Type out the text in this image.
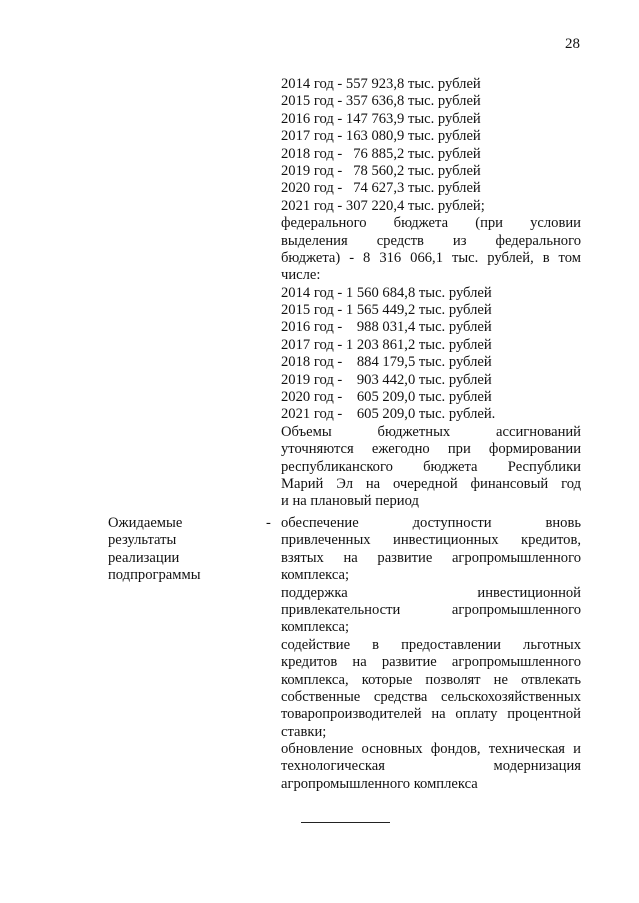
28
2014 год - 557 923,8 тыс. рублей
2015 год - 357 636,8 тыс. рублей
2016 год - 147 763,9 тыс. рублей
2017 год - 163 080,9 тыс. рублей
2018 год -   76 885,2 тыс. рублей
2019 год -   78 560,2 тыс. рублей
2020 год -   74 627,3 тыс. рублей
2021 год - 307 220,4 тыс. рублей;
федерального бюджета (при условии
выделения средств из федерального
бюджета) - 8 316 066,1 тыс. рублей, в том
числе:
2014 год - 1 560 684,8 тыс. рублей
2015 год - 1 565 449,2 тыс. рублей
2016 год -    988 031,4 тыс. рублей
2017 год - 1 203 861,2 тыс. рублей
2018 год -    884 179,5 тыс. рублей
2019 год -    903 442,0 тыс. рублей
2020 год -    605 209,0 тыс. рублей
2021 год -    605 209,0 тыс. рублей.
Объемы бюджетных ассигнований
уточняются ежегодно при формировании
республиканского бюджета Республики
Марий Эл на очередной финансовый год
и на плановый период
Ожидаемые
результаты
реализации
подпрограммы
- обеспечение доступности вновь
привлеченных инвестиционных кредитов,
взятых на развитие агропромышленного
комплекса;
поддержка инвестиционной
привлекательности агропромышленного
комплекса;
содействие в предоставлении льготных
кредитов на развитие агропромышленного
комплекса, которые позволят не отвлекать
собственные средства сельскохозяйственных
товаропроизводителей на оплату процентной
ставки;
обновление основных фондов, техническая и
технологическая модернизация
агропромышленного комплекса
